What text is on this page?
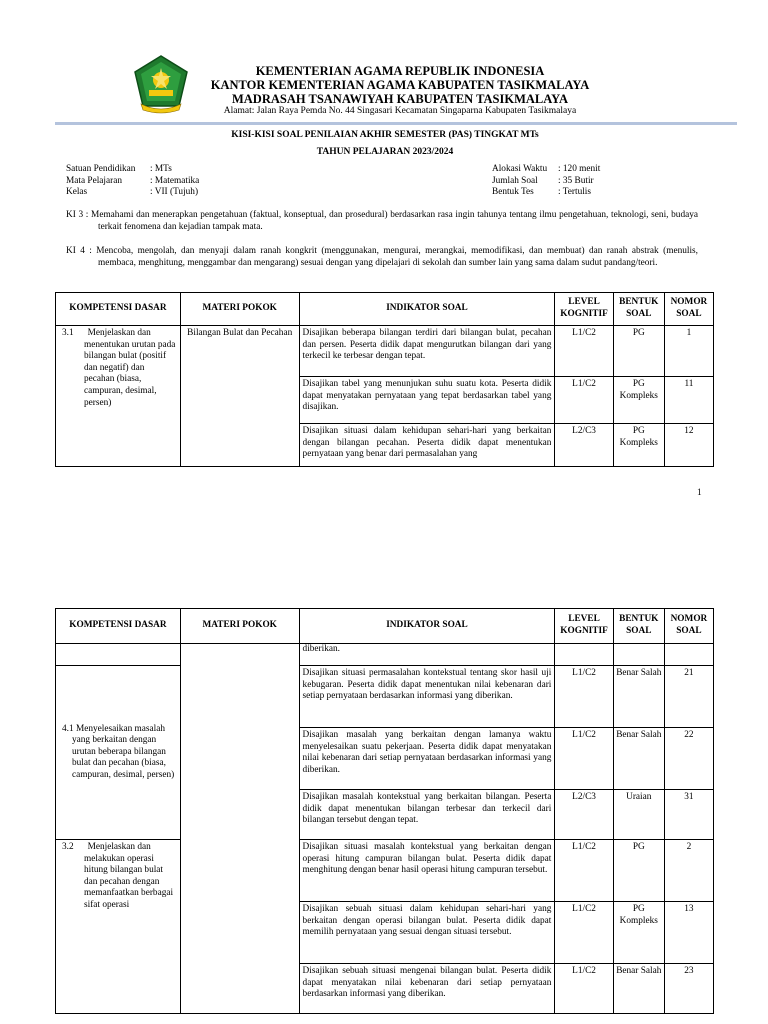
KEMENTERIAN AGAMA REPUBLIK INDONESIA
KANTOR KEMENTERIAN AGAMA KABUPATEN TASIKMALAYA
MADRASAH TSANAWIYAH KABUPATEN TASIKMALAYA
Alamat: Jalan Raya Pemda No. 44 Singasari Kecamatan Singaparna Kabupaten Tasikmalaya
KISI-KISI SOAL PENILAIAN AKHIR SEMESTER (PAS) TINGKAT MTs
TAHUN PELAJARAN 2023/2024
Satuan Pendidikan	: MTs
Mata Pelajaran	: Matematika
Kelas	: VII (Tujuh)
Alokasi Waktu	: 120 menit
Jumlah Soal	: 35 Butir
Bentuk Tes	: Tertulis
KI 3 : Memahami dan menerapkan pengetahuan (faktual, konseptual, dan prosedural) berdasarkan rasa ingin tahunya tentang ilmu pengetahuan, teknologi, seni, budaya terkait fenomena dan kejadian tampak mata.
KI 4 : Mencoba, mengolah, dan menyaji dalam ranah kongkrit (menggunakan, mengurai, merangkai, memodifikasi, dan membuat) dan ranah abstrak (menulis, membaca, menghitung, menggambar dan mengarang) sesuai dengan yang dipelajari di sekolah dan sumber lain yang sama dalam sudut pandang/teori.
KOMPETENSI DASAR	MATERI POKOK	INDIKATOR SOAL	LEVEL KOGNITIF	BENTUK SOAL	NOMOR SOAL

3.1      Menjelaskan dan menentukan urutan pada bilangan bulat (positif dan negatif) dan pecahan (biasa, campuran, desimal, persen)	Bilangan Bulat dan Pecahan	Disajikan beberapa bilangan terdiri dari bilangan bulat, pecahan dan persen. Peserta didik dapat mengurutkan bilangan dari yang terkecil ke terbesar dengan tepat.	L1/C2	PG	1
		Disajikan tabel yang menunjukan suhu suatu kota. Peserta didik dapat menyatakan pernyataan yang tepat berdasarkan tabel yang disajikan.	L1/C2	PG Kompleks	11

		Disajikan situasi dalam kehidupan sehari-hari yang berkaitan dengan bilangan pecahan. Peserta didik dapat menentukan pernyataan yang benar dari permasalahan yang	L2/C3	PG Kompleks	12
1
KOMPETENSI DASAR	MATERI POKOK	INDIKATOR SOAL	LEVEL KOGNITIF	BENTUK SOAL	NOMOR SOAL
		diberikan.			

4.1 Menyelesaikan masalah yang berkaitan dengan urutan beberapa bilangan bulat dan pecahan (biasa, campuran, desimal, persen)		Disajikan situasi permasalahan kontekstual tentang skor hasil uji kebugaran. Peserta didik dapat menentukan nilai kebenaran dari setiap pernyataan berdasarkan informasi yang diberikan.	L1/C2	Benar Salah	21
		Disajikan masalah yang berkaitan dengan lamanya waktu menyelesaikan suatu pekerjaan. Peserta didik dapat menyatakan nilai kebenaran dari setiap pernyataan berdasarkan informasi yang diberikan.	L1/C2	Benar Salah	22
		Disajikan masalah kontekstual yang berkaitan bilangan. Peserta didik dapat menentukan bilangan terbesar dan terkecil dari bilangan tersebut dengan tepat.	L2/C3	Uraian	31

3.2      Menjelaskan dan melakukan operasi hitung bilangan bulat dan pecahan dengan memanfaatkan berbagai sifat operasi		Disajikan situasi masalah kontekstual yang berkaitan dengan operasi hitung campuran bilangan bulat. Peserta didik dapat menghitung dengan benar hasil operasi hitung campuran tersebut.	L1/C2	PG	2
		Disajikan sebuah situasi dalam kehidupan sehari-hari yang berkaitan dengan operasi bilangan bulat. Peserta didik dapat memilih pernyataan yang sesuai dengan situasi tersebut.	L1/C2	PG Kompleks	13
		Disajikan sebuah situasi mengenai bilangan bulat. Peserta didik dapat menyatakan nilai kebenaran dari setiap pernyataan berdasarkan informasi yang diberikan.	L1/C2	Benar Salah	23
